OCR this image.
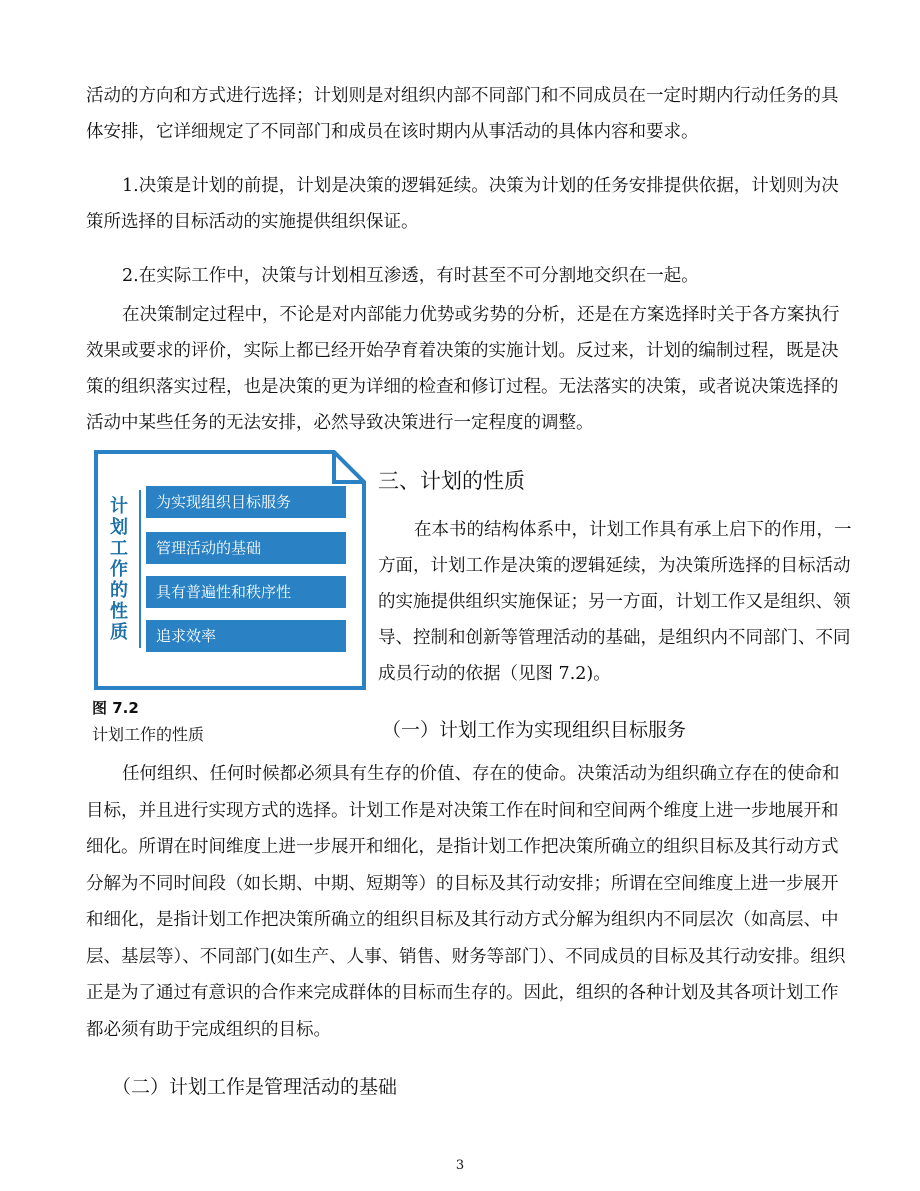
活动的方向和方式进行选择；计划则是对组织内部不同部门和不同成员在一定时期内行动任务的具体安排，它详细规定了不同部门和成员在该时期内从事活动的具体内容和要求。

1.决策是计划的前提，计划是决策的逻辑延续。决策为计划的任务安排提供依据，计划则为决策所选择的目标活动的实施提供组织保证。

2.在实际工作中，决策与计划相互渗透，有时甚至不可分割地交织在一起。

在决策制定过程中，不论是对内部能力优势或劣势的分析，还是在方案选择时关于各方案执行效果或要求的评价，实际上都已经开始孕育着决策的实施计划。反过来，计划的编制过程，既是决策的组织落实过程，也是决策的更为详细的检查和修订过程。无法落实的决策，或者说决策选择的活动中某些任务的无法安排，必然导致决策进行一定程度的调整。

计划工作的性质
为实现组织目标服务
管理活动的基础
具有普遍性和秩序性
追求效率
图 7.2
计划工作的性质
三、计划的性质

在本书的结构体系中，计划工作具有承上启下的作用，一方面，计划工作是决策的逻辑延续，为决策所选择的目标活动的实施提供组织实施保证；另一方面，计划工作又是组织、领导、控制和创新等管理活动的基础，是组织内不同部门、不同成员行动的依据（见图 7.2)。

（一）计划工作为实现组织目标服务

任何组织、任何时候都必须具有生存的价值、存在的使命。决策活动为组织确立存在的使命和目标，并且进行实现方式的选择。计划工作是对决策工作在时间和空间两个维度上进一步地展开和细化。所谓在时间维度上进一步展开和细化，是指计划工作把决策所确立的组织目标及其行动方式分解为不同时间段（如长期、中期、短期等）的目标及其行动安排；所谓在空间维度上进一步展开和细化，是指计划工作把决策所确立的组织目标及其行动方式分解为组织内不同层次（如高层、中层、基层等）、不同部门(如生产、人事、销售、财务等部门）、不同成员的目标及其行动安排。组织正是为了通过有意识的合作来完成群体的目标而生存的。因此，组织的各种计划及其各项计划工作都必须有助于完成组织的目标。

（二）计划工作是管理活动的基础
3
